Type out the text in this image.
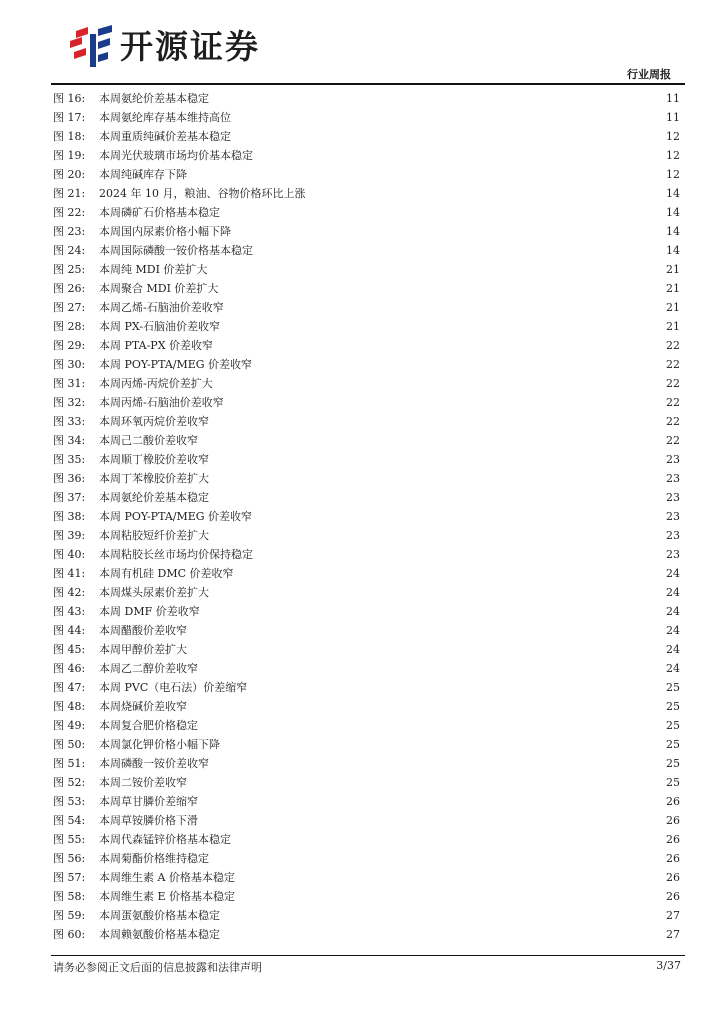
开源证券
行业周报
图 16:	本周氨纶价差基本稳定	11
图 17:	本周氨纶库存基本维持高位	11
图 18:	本周重质纯碱价差基本稳定	12
图 19:	本周光伏玻璃市场均价基本稳定	12
图 20:	本周纯碱库存下降	12
图 21:	2024 年 10 月，粮油、谷物价格环比上涨	14
图 22:	本周磷矿石价格基本稳定	14
图 23:	本周国内尿素价格小幅下降	14
图 24:	本周国际磷酸一铵价格基本稳定	14
图 25:	本周纯 MDI 价差扩大	21
图 26:	本周聚合 MDI 价差扩大	21
图 27:	本周乙烯-石脑油价差收窄	21
图 28:	本周 PX-石脑油价差收窄	21
图 29:	本周 PTA-PX 价差收窄	22
图 30:	本周 POY-PTA/MEG 价差收窄	22
图 31:	本周丙烯-丙烷价差扩大	22
图 32:	本周丙烯-石脑油价差收窄	22
图 33:	本周环氧丙烷价差收窄	22
图 34:	本周己二酸价差收窄	22
图 35:	本周顺丁橡胶价差收窄	23
图 36:	本周丁苯橡胶价差扩大	23
图 37:	本周氨纶价差基本稳定	23
图 38:	本周 POY-PTA/MEG 价差收窄	23
图 39:	本周粘胶短纤价差扩大	23
图 40:	本周粘胶长丝市场均价保持稳定	23
图 41:	本周有机硅 DMC 价差收窄	24
图 42:	本周煤头尿素价差扩大	24
图 43:	本周 DMF 价差收窄	24
图 44:	本周醋酸价差收窄	24
图 45:	本周甲醇价差扩大	24
图 46:	本周乙二醇价差收窄	24
图 47:	本周 PVC（电石法）价差缩窄	25
图 48:	本周烧碱价差收窄	25
图 49:	本周复合肥价格稳定	25
图 50:	本周氯化钾价格小幅下降	25
图 51:	本周磷酸一铵价差收窄	25
图 52:	本周二铵价差收窄	25
图 53:	本周草甘膦价差缩窄	26
图 54:	本周草铵膦价格下滑	26
图 55:	本周代森锰锌价格基本稳定	26
图 56:	本周菊酯价格维持稳定	26
图 57:	本周维生素 A 价格基本稳定	26
图 58:	本周维生素 E 价格基本稳定	26
图 59:	本周蛋氨酸价格基本稳定	27
图 60:	本周赖氨酸价格基本稳定	27
请务必参阅正文后面的信息披露和法律声明	3/37
